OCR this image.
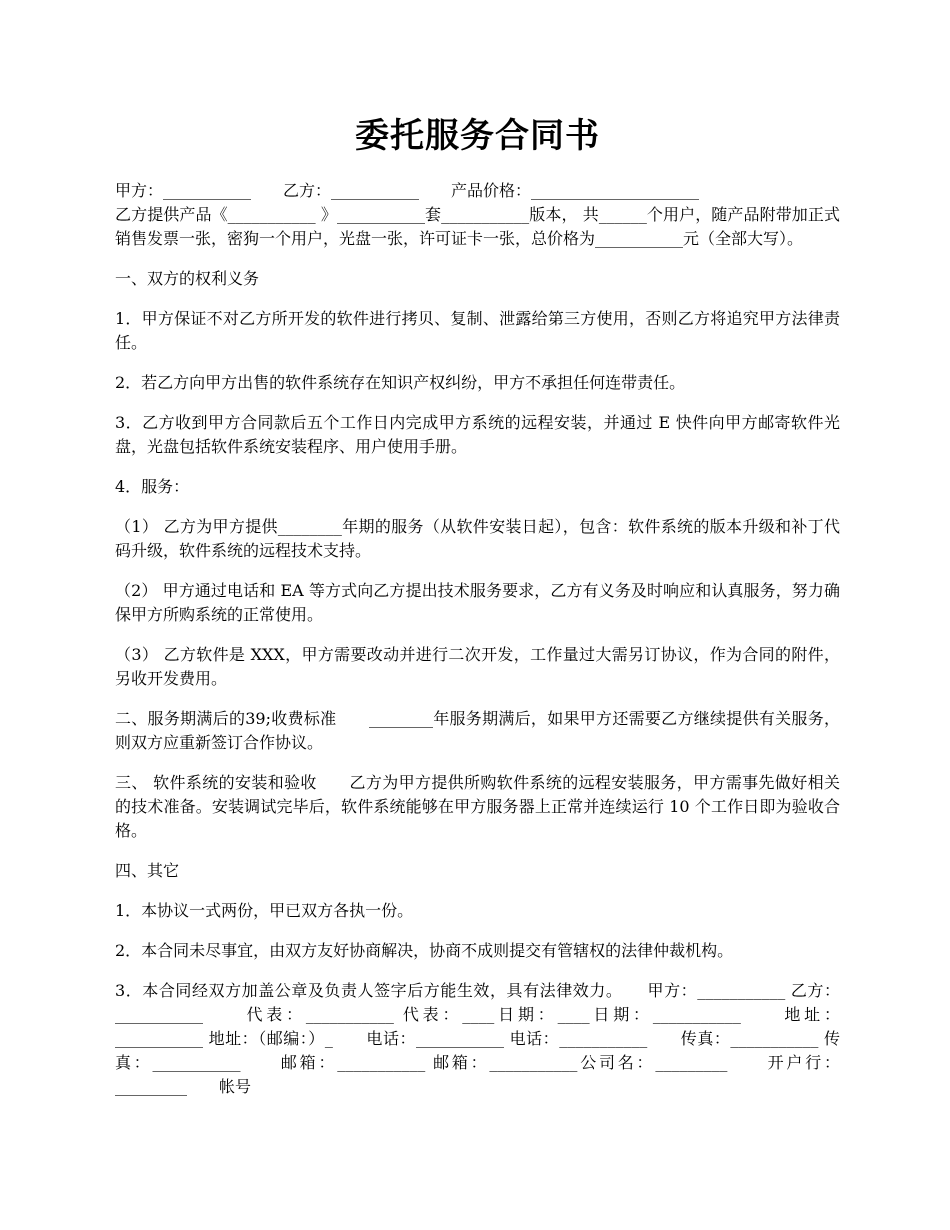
委托服务合同书

甲方：___________　　乙方：___________　　产品价格：_____________________

乙方提供产品《___________ 》___________套___________版本， 共______个用户，随产品附带加正式销售发票一张，密狗一个用户，光盘一张，许可证卡一张，总价格为___________元（全部大写）。

一、双方的权利义务

1．甲方保证不对乙方所开发的软件进行拷贝、复制、泄露给第三方使用，否则乙方将追究甲方法律责任。

2．若乙方向甲方出售的软件系统存在知识产权纠纷，甲方不承担任何连带责任。

3．乙方收到甲方合同款后五个工作日内完成甲方系统的远程安装，并通过 E 快件向甲方邮寄软件光盘，光盘包括软件系统安装程序、用户使用手册。

4．服务：

（1） 乙方为甲方提供________年期的服务（从软件安装日起），包含：软件系统的版本升级和补丁代码升级，软件系统的远程技术支持。

（2） 甲方通过电话和 EA 等方式向乙方提出技术服务要求，乙方有义务及时响应和认真服务，努力确保甲方所购系统的正常使用。

（3） 乙方软件是 XXX，甲方需要改动并进行二次开发，工作量过大需另订协议，作为合同的附件，另收开发费用。

二、服务期满后的39;收费标准　　________年服务期满后，如果甲方还需要乙方继续提供有关服务，则双方应重新签订合作协议。

三、 软件系统的安装和验收　　乙方为甲方提供所购软件系统的远程安装服务，甲方需事先做好相关的技术准备。安装调试完毕后，软件系统能够在甲方服务器上正常并连续运行 10 个工作日即为验收合格。

四、其它

1．本协议一式两份，甲已双方各执一份。

2．本合同未尽事宜，由双方友好协商解决，协商不成则提交有管辖权的法律仲裁机构。

3．本合同经双方加盖公章及负责人签字后方能生效，具有法律效力。　　甲方：___________ 乙方：___________　　代表：___________ 代表：____日期：____日期：___________　　地址：___________ 地址：（邮编：）_　　电话：___________ 电话：___________　　传真：___________ 传真：___________　　邮箱：___________ 邮箱：___________公司名：_________　　开户行：_________　　帐号
